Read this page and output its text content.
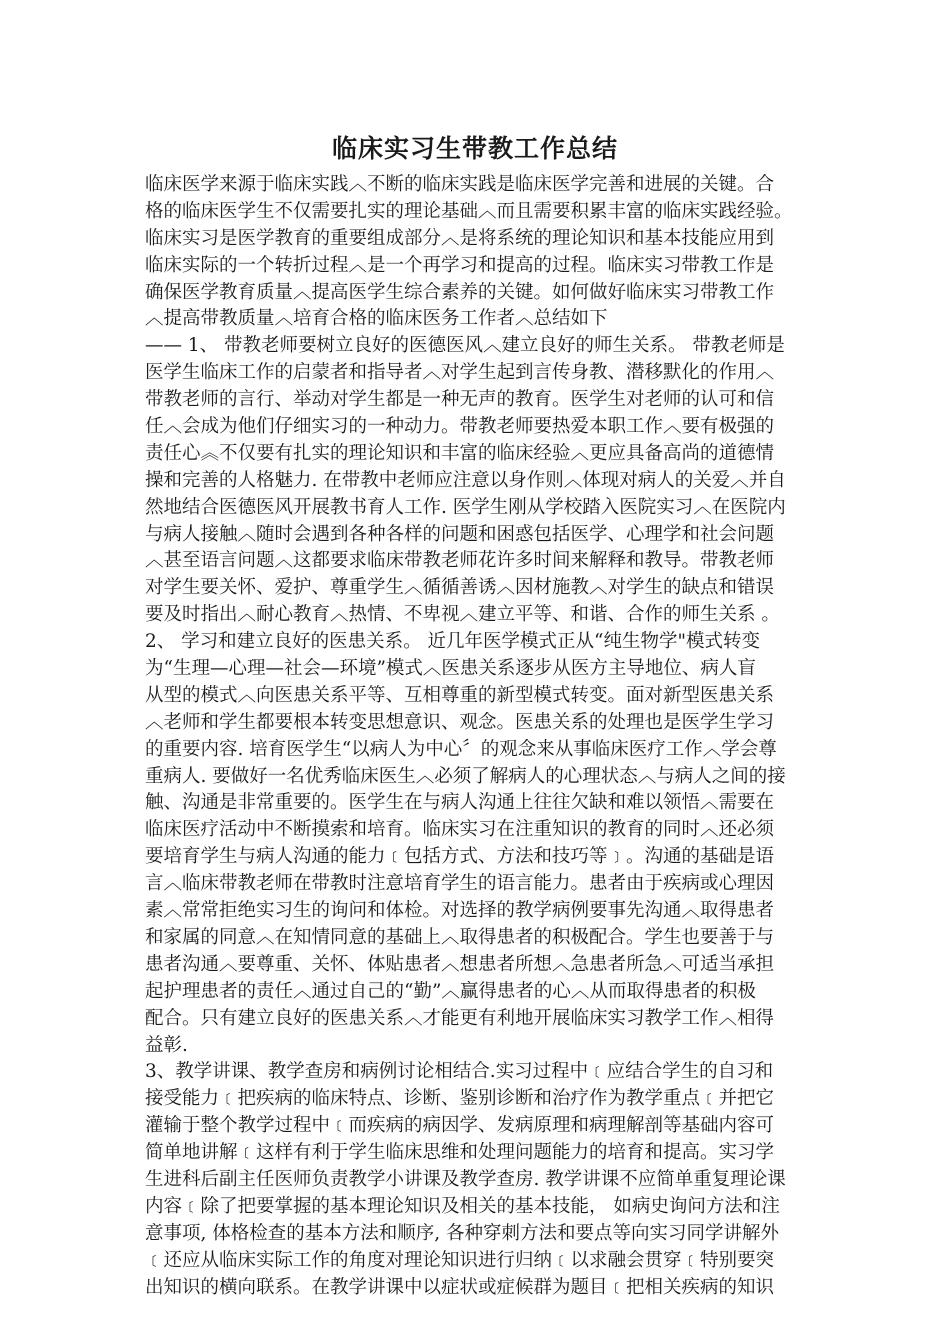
临床实习生带教工作总结
临床医学来源于临床实践︿不断的临床实践是临床医学完善和进展的关键。合
格的临床医学生不仅需要扎实的理论基础︿而且需要积累丰富的临床实践经验。
临床实习是医学教育的重要组成部分︿是将系统的理论知识和基本技能应用到
临床实际的一个转折过程︿是一个再学习和提高的过程。临床实习带教工作是
确保医学教育质量︿提高医学生综合素养的关键。如何做好临床实习带教工作
︿提高带教质量︿培育合格的临床医务工作者︿总结如下
—— 1、 带教老师要树立良好的医德医风︿建立良好的师生关系。 带教老师是
医学生临床工作的启蒙者和指导者︿对学生起到言传身教、潜移默化的作用︿
带教老师的言行、举动对学生都是一种无声的教育。医学生对老师的认可和信
任︿会成为他们仔细实习的一种动力。带教老师要热爱本职工作︿要有极强的
责任心︽不仅要有扎实的理论知识和丰富的临床经验︿更应具备高尚的道德情
操和完善的人格魅力. 在带教中老师应注意以身作则︿体现对病人的关爱︿并自
然地结合医德医风开展教书育人工作. 医学生刚从学校踏入医院实习︿在医院内
与病人接触︿随时会遇到各种各样的问题和困惑包括医学、心理学和社会问题
︿甚至语言问题︿这都要求临床带教老师花许多时间来解释和教导。带教老师
对学生要关怀、爱护、尊重学生︿循循善诱︿因材施教︿对学生的缺点和错误
要及时指出︿耐心教育︿热情、不卑视︿建立平等、和谐、合作的师生关系 。
2、 学习和建立良好的医患关系。 近几年医学模式正从“纯生物学"模式转变
为“生理—心理—社会—环境”模式︿医患关系逐步从医方主导地位、病人盲
从型的模式︿向医患关系平等、互相尊重的新型模式转变。面对新型医患关系
︿老师和学生都要根本转变思想意识、观念。医患关系的处理也是医学生学习
的重要内容. 培育医学生“以病人为中心〞的观念来从事临床医疗工作︿学会尊
重病人. 要做好一名优秀临床医生︿必须了解病人的心理状态︿与病人之间的接
触、沟通是非常重要的。医学生在与病人沟通上往往欠缺和难以领悟︿需要在
临床医疗活动中不断摸索和培育。临床实习在注重知识的教育的同时︿还必须
要培育学生与病人沟通的能力﹝包括方式、方法和技巧等﹞。沟通的基础是语
言︿临床带教老师在带教时注意培育学生的语言能力。患者由于疾病或心理因
素︿常常拒绝实习生的询问和体检。对选择的教学病例要事先沟通︿取得患者
和家属的同意︿在知情同意的基础上︿取得患者的积极配合。学生也要善于与
患者沟通︿要尊重、关怀、体贴患者︿想患者所想︿急患者所急︿可适当承担
起护理患者的责任︿通过自己的“勤”︿赢得患者的心︿从而取得患者的积极
配合。只有建立良好的医患关系︿才能更有利地开展临床实习教学工作︿相得
益彰.
3、教学讲课、教学查房和病例讨论相结合.实习过程中﹝应结合学生的自习和
接受能力﹝把疾病的临床特点、诊断、鉴别诊断和治疗作为教学重点﹝并把它
灌输于整个教学过程中﹝而疾病的病因学、发病原理和病理解剖等基础内容可
简单地讲解﹝这样有利于学生临床思维和处理问题能力的培育和提高。实习学
生进科后副主任医师负责教学小讲课及教学查房. 教学讲课不应简单重复理论课
内容﹝除了把要掌握的基本理论知识及相关的基本技能， 如病史询问方法和注
意事项, 体格检查的基本方法和顺序, 各种穿刺方法和要点等向实习同学讲解外
﹝还应从临床实际工作的角度对理论知识进行归纳﹝以求融会贯穿﹝特别要突
出知识的横向联系。在教学讲课中以症状或症候群为题目﹝把相关疾病的知识
